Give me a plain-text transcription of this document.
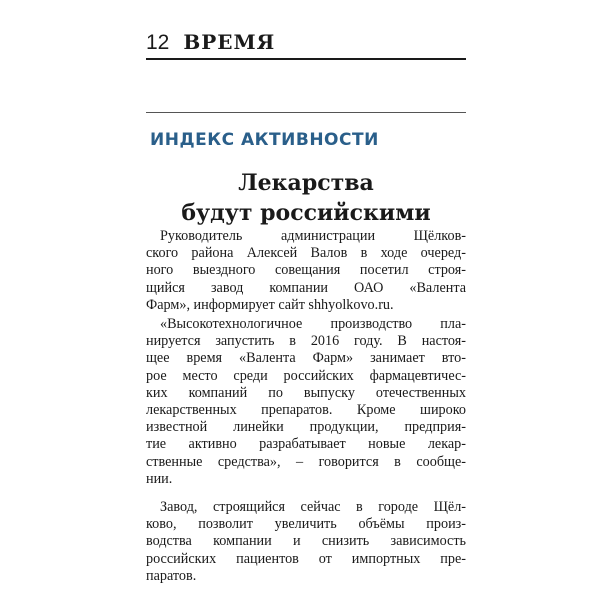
12 ВРЕМЯ
ИНДЕКС АКТИВНОСТИ
Лекарства
будут российскими
Руководитель администрации Щёлков-
ского района Алексей Валов в ходе очеред-
ного выездного совещания посетил строя-
щийся завод компании ОАО «Валента
Фарм», информирует сайт shhyolkovo.ru.
«Высокотехнологичное производство пла-
нируется запустить в 2016 году. В настоя-
щее время «Валента Фарм» занимает вто-
рое место среди российских фармацевтичес-
ких компаний по выпуску отечественных
лекарственных препаратов. Кроме широко
известной линейки продукции, предприя-
тие активно разрабатывает новые лекар-
ственные средства», – говорится в сообще-
нии.
Завод, строящийся сейчас в городе Щёл-
ково, позволит увеличить объёмы произ-
водства компании и снизить зависимость
российских пациентов от импортных пре-
паратов.
